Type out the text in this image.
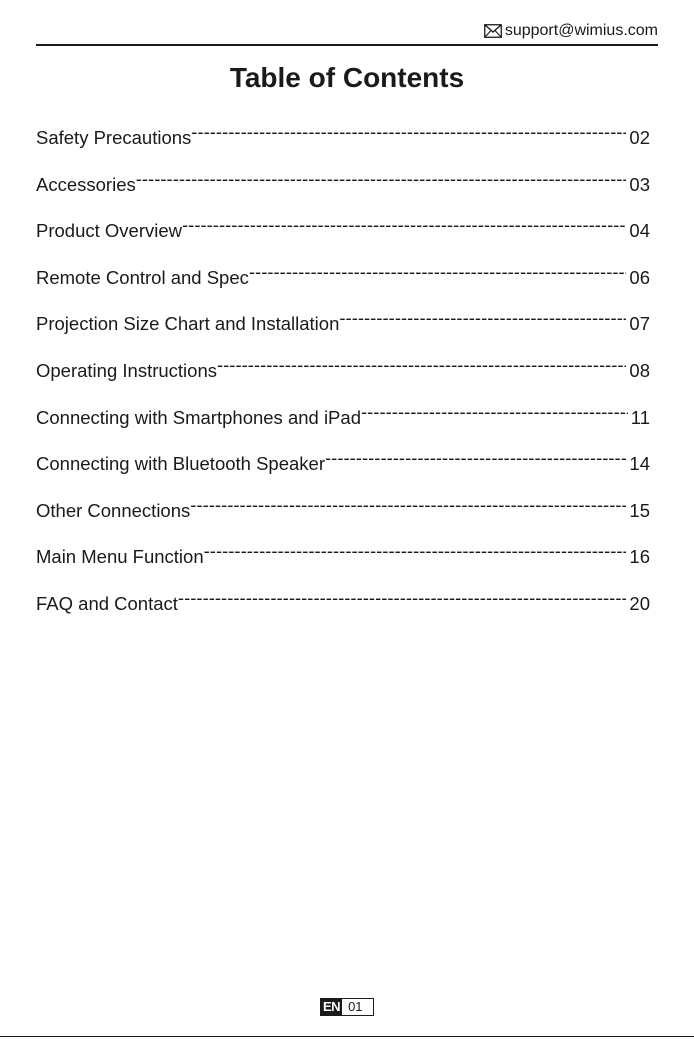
support@wimius.com
Table of Contents
Safety Precautions -----	02
Accessories -----	03
Product Overview -----	04
Remote Control and Spec -----	06
Projection Size Chart and Installation -----	07
Operating Instructions -----	08
Connecting with Smartphones and iPad -----	11
Connecting with Bluetooth Speaker -----	14
Other Connections -----	15
Main Menu Function -----	16
FAQ and Contact -----	20
EN 01
